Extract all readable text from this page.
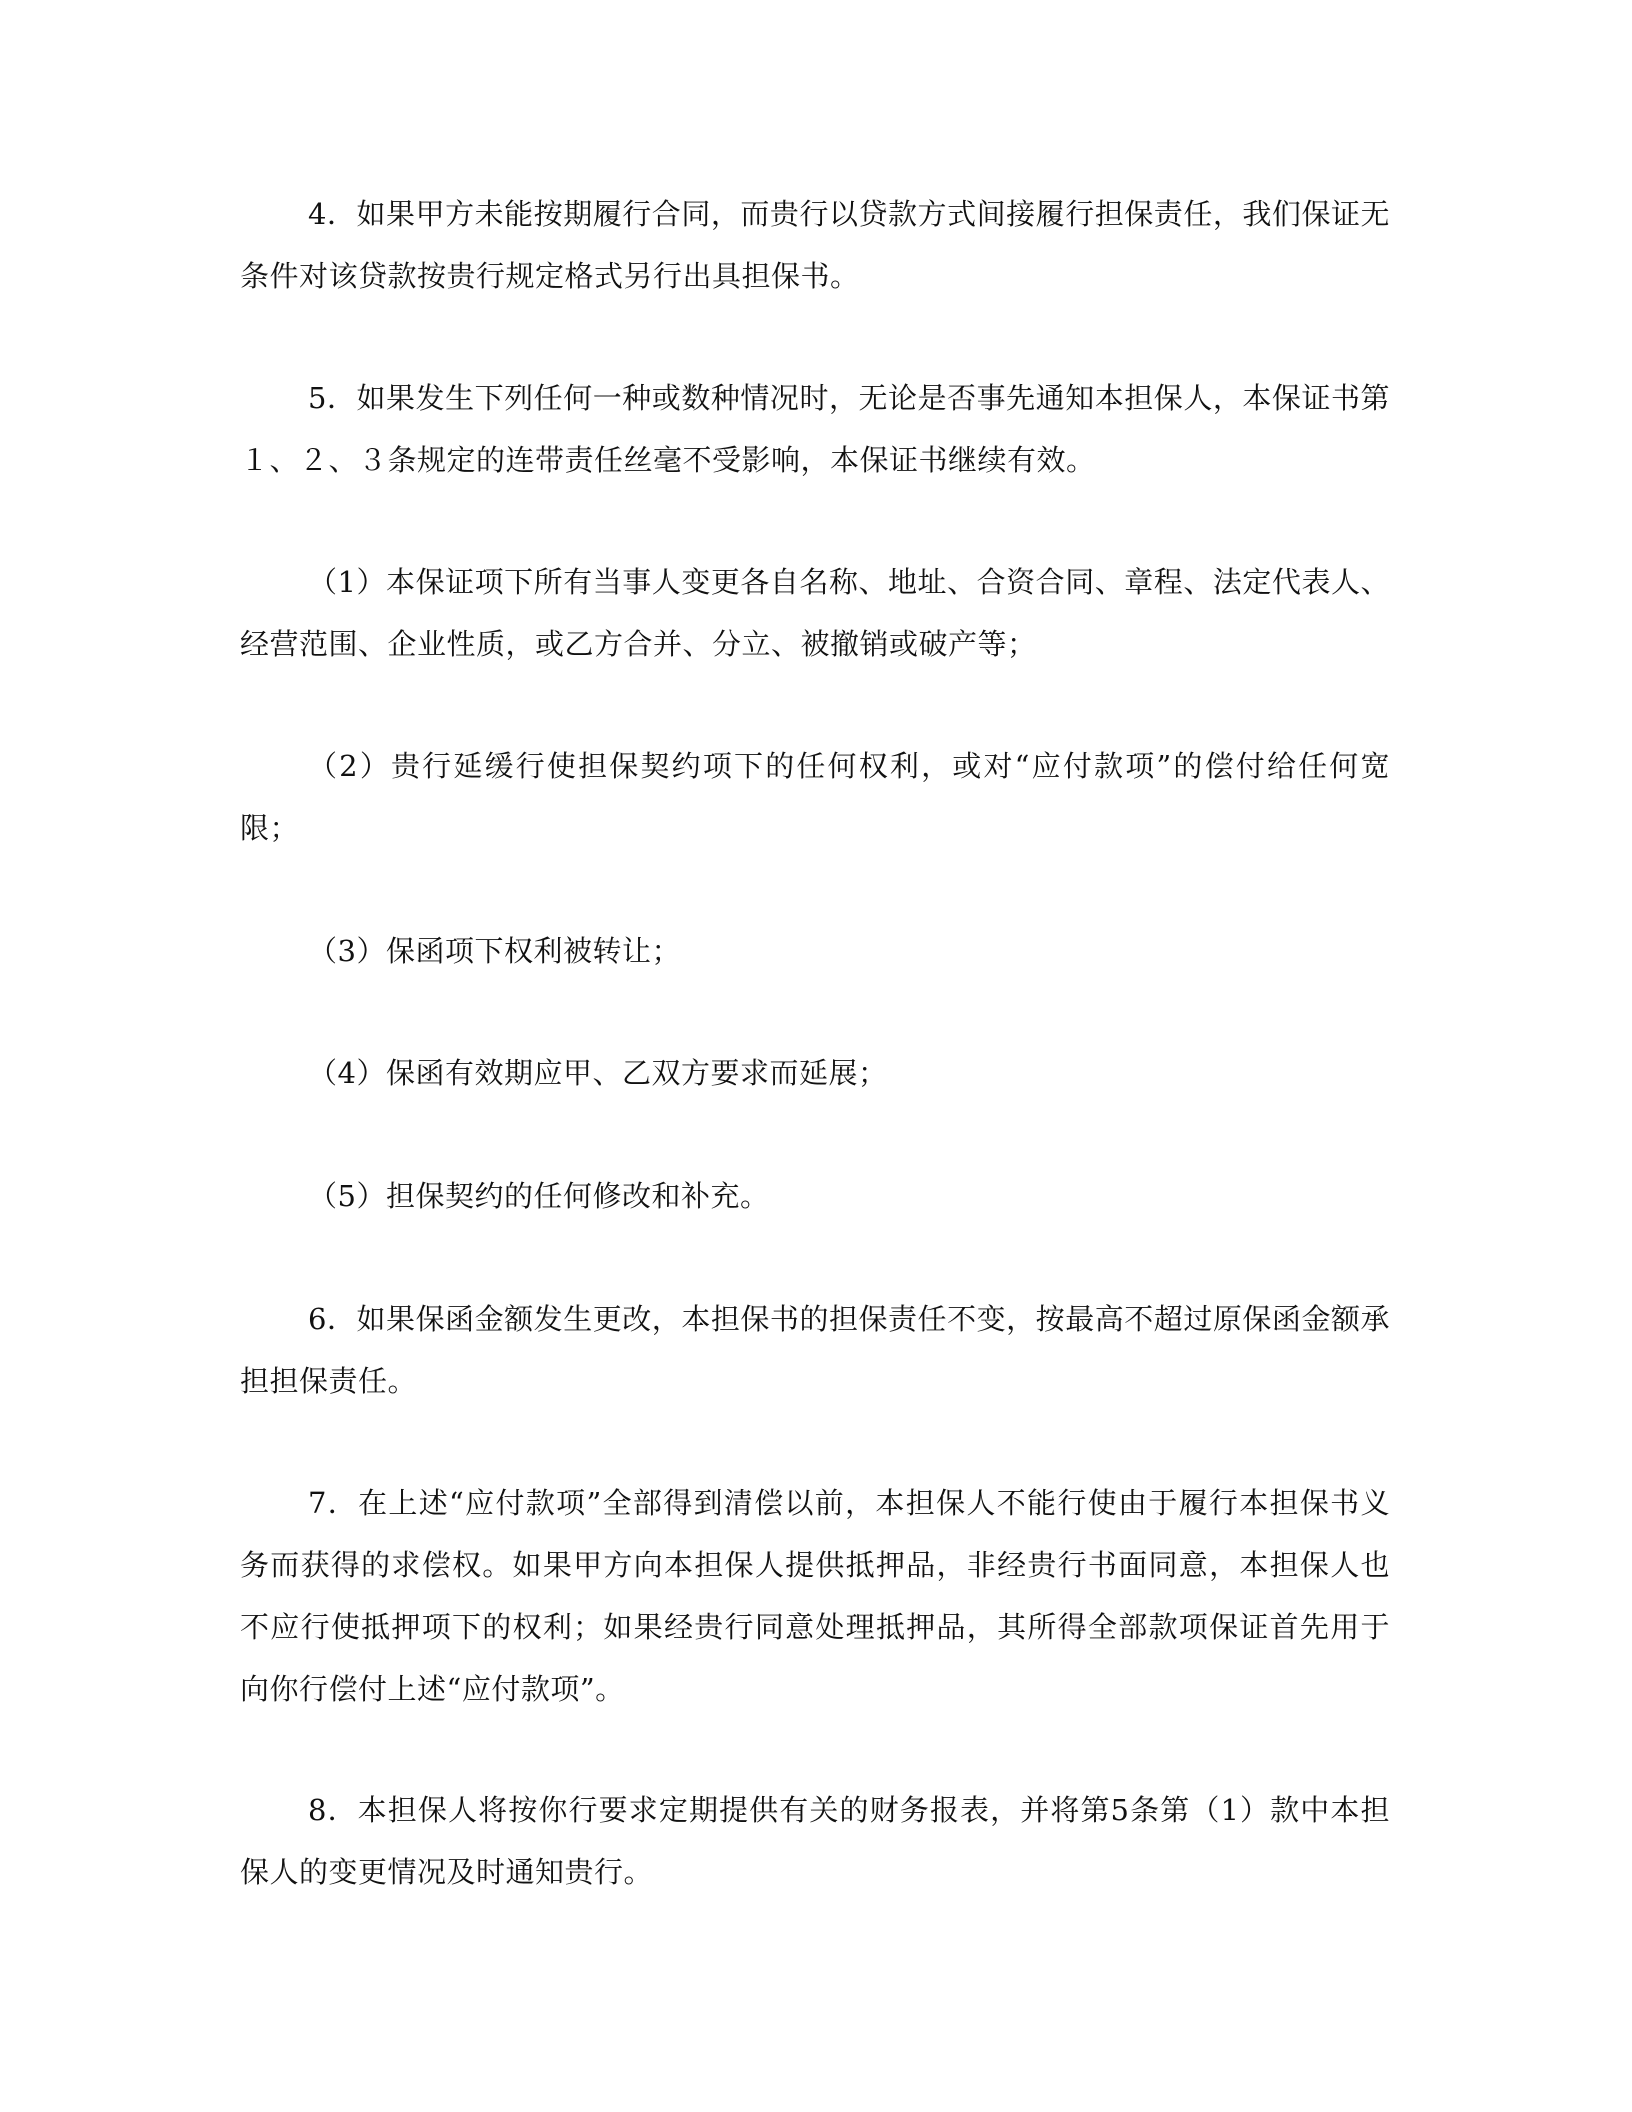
4．如果甲方未能按期履行合同，而贵行以贷款方式间接履行担保责任，我们保证无条件对该贷款按贵行规定格式另行出具担保书。

5．如果发生下列任何一种或数种情况时，无论是否事先通知本担保人，本保证书第１、２、３条规定的连带责任丝毫不受影响，本保证书继续有效。

（1）本保证项下所有当事人变更各自名称、地址、合资合同、章程、法定代表人、经营范围、企业性质，或乙方合并、分立、被撤销或破产等；

（2）贵行延缓行使担保契约项下的任何权利，或对“应付款项”的偿付给任何宽限；

（3）保函项下权利被转让；

（4）保函有效期应甲、乙双方要求而延展；

（5）担保契约的任何修改和补充。

6．如果保函金额发生更改，本担保书的担保责任不变，按最高不超过原保函金额承担担保责任。

7．在上述“应付款项”全部得到清偿以前，本担保人不能行使由于履行本担保书义务而获得的求偿权。如果甲方向本担保人提供抵押品，非经贵行书面同意，本担保人也不应行使抵押项下的权利；如果经贵行同意处理抵押品，其所得全部款项保证首先用于向你行偿付上述“应付款项”。

8．本担保人将按你行要求定期提供有关的财务报表，并将第5条第（1）款中本担保人的变更情况及时通知贵行。
